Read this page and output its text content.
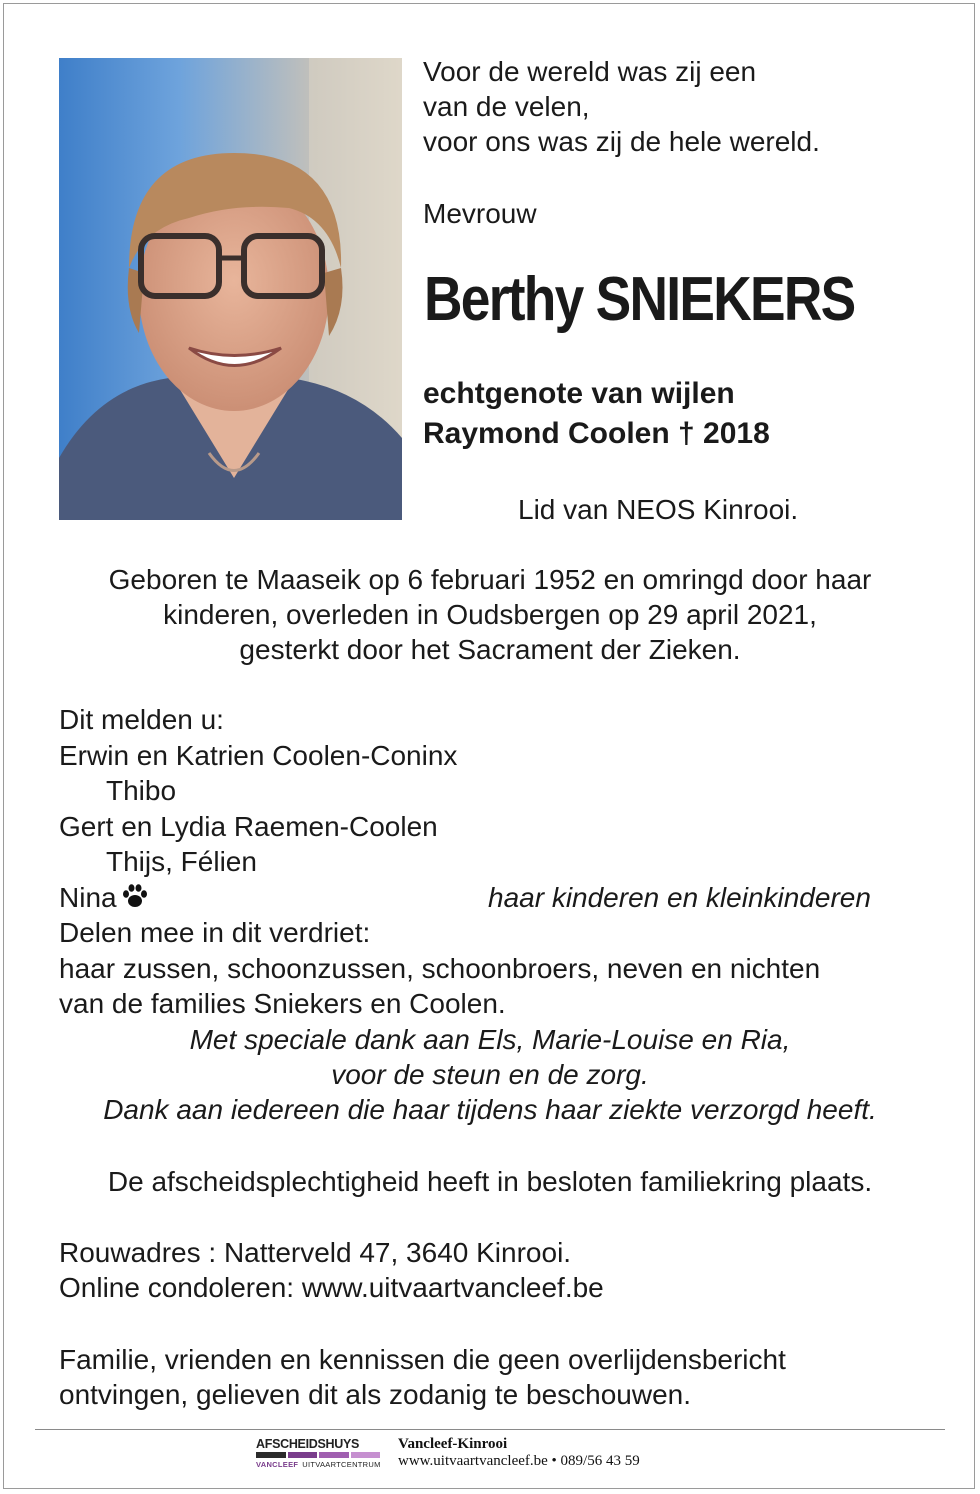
Voor de wereld was zij een
van de velen,
voor ons was zij de hele wereld.
Mevrouw
Berthy SNIEKERS
echtgenote van wijlen
Raymond Coolen † 2018
Lid van NEOS Kinrooi.
Geboren te Maaseik op 6 februari 1952 en omringd door haar
kinderen, overleden in Oudsbergen op 29 april 2021,
gesterkt door het Sacrament der Zieken.
Dit melden u:
Erwin en Katrien Coolen-Coninx
Thibo
Gert en Lydia Raemen-Coolen
Thijs, Félien
Nina
Delen mee in dit verdriet:
haar zussen, schoonzussen, schoonbroers, neven en nichten
van de families Sniekers en Coolen.
haar kinderen en kleinkinderen
Met speciale dank aan Els, Marie-Louise en Ria,
voor de steun en de zorg.
Dank aan iedereen die haar tijdens haar ziekte verzorgd heeft.
De afscheidsplechtigheid heeft in besloten familiekring plaats.
Rouwadres : Natterveld 47, 3640 Kinrooi.
Online condoleren: www.uitvaartvancleef.be
Familie, vrienden en kennissen die geen overlijdensbericht
ontvingen, gelieven dit als zodanig te beschouwen.
AFSCHEIDSHUYS
VANCLEEF UITVAARTCENTRUM
Vancleef-Kinrooi
www.uitvaartvancleef.be • 089/56 43 59
